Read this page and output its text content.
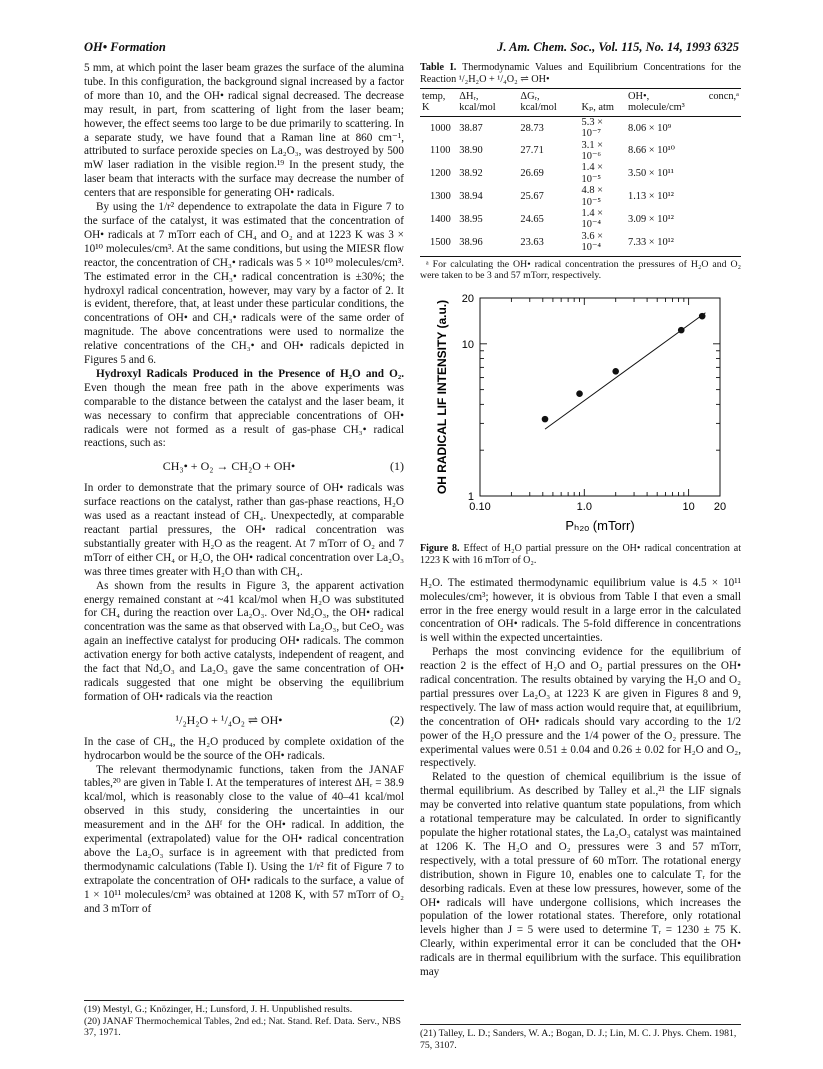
OH• Formation	J. Am. Chem. Soc., Vol. 115, No. 14, 1993 6325

5 mm, at which point the laser beam grazes the surface of the alumina tube. In this configuration, the background signal increased by a factor of more than 10, and the OH• radical signal decreased. The decrease may result, in part, from scattering of light from the laser beam; however, the effect seems too large to be due primarily to scattering. In a separate study, we have found that a Raman line at 860 cm⁻¹, attributed to surface peroxide species on La₂O₃, was destroyed by 500 mW laser radiation in the visible region.¹⁹ In the present study, the laser beam that interacts with the surface may decrease the number of centers that are responsible for generating OH• radicals.

By using the 1/r² dependence to extrapolate the data in Figure 7 to the surface of the catalyst, it was estimated that the concentration of OH• radicals at 7 mTorr each of CH₄ and O₂ and at 1223 K was 3 × 10¹⁰ molecules/cm³. At the same conditions, but using the MIESR flow reactor, the concentration of CH₃• radicals was 5 × 10¹⁰ molecules/cm³. The estimated error in the CH₃• radical concentration is ±30%; the hydroxyl radical concentration, however, may vary by a factor of 2. It is evident, therefore, that, at least under these particular conditions, the concentrations of OH• and CH₃• radicals were of the same order of magnitude. The above concentrations were used to normalize the relative concentrations of the CH₃• and OH• radicals depicted in Figures 5 and 6.

Hydroxyl Radicals Produced in the Presence of H₂O and O₂. Even though the mean free path in the above experiments was comparable to the distance between the catalyst and the laser beam, it was necessary to confirm that appreciable concentrations of OH• radicals were not formed as a result of gas-phase CH₃• radical reactions, such as:

CH₃• + O₂ → CH₂O + OH•	(1)

In order to demonstrate that the primary source of OH• radicals was surface reactions on the catalyst, rather than gas-phase reactions, H₂O was used as a reactant instead of CH₄. Unexpectedly, at comparable reactant partial pressures, the OH• radical concentration was substantially greater with H₂O as the reagent. At 7 mTorr of O₂ and 7 mTorr of either CH₄ or H₂O, the OH• radical concentration over La₂O₃ was three times greater with H₂O than with CH₄.

As shown from the results in Figure 3, the apparent activation energy remained constant at ~41 kcal/mol when H₂O was substituted for CH₄ during the reaction over La₂O₃. Over Nd₂O₃, the OH• radical concentration was the same as that observed with La₂O₃, but CeO₂ was again an ineffective catalyst for producing OH• radicals. The common activation energy for both active catalysts, independent of reagent, and the fact that Nd₂O₃ and La₂O₃ gave the same concentration of OH• radicals suggested that one might be observing the equilibrium formation of OH• radicals via the reaction

¹/₂H₂O + ¹/₄O₂ ⇌ OH•	(2)

In the case of CH₄, the H₂O produced by complete oxidation of the hydrocarbon would be the source of the OH• radicals.

The relevant thermodynamic functions, taken from the JANAF tables,²⁰ are given in Table I. At the temperatures of interest ΔHᵣ = 38.9 kcal/mol, which is reasonably close to the value of 40–41 kcal/mol observed in this study, considering the uncertainties in our measurement and in the ΔHᶠ for the OH• radical. In addition, the experimental (extrapolated) value for the OH• radical concentration above the La₂O₃ surface is in agreement with that predicted from thermodynamic calculations (Table I). Using the 1/r² fit of Figure 7 to extrapolate the concentration of OH• radicals to the surface, a value of 1 × 10¹¹ molecules/cm³ was obtained at 1208 K, with 57 mTorr of O₂ and 3 mTorr of

(19) Mestyl, G.; Knözinger, H.; Lunsford, J. H. Unpublished results.
(20) JANAF Thermochemical Tables, 2nd ed.; Nat. Stand. Ref. Data. Serv., NBS 37, 1971.
Table I. Thermodynamic Values and Equilibrium Concentrations for the Reaction ¹/₂H₂O + ¹/₄O₂ ⇌ OH•
temp, K	ΔHᵣ, kcal/mol	ΔGᵣ, kcal/mol	Kₚ, atm	OH•, concn,ᵃ molecule/cm³
1000	38.87	28.73	5.3 × 10⁻⁷	8.06 × 10⁹
1100	38.90	27.71	3.1 × 10⁻⁶	8.66 × 10¹⁰
1200	38.92	26.69	1.4 × 10⁻⁵	3.50 × 10¹¹
1300	38.94	25.67	4.8 × 10⁻⁵	1.13 × 10¹²
1400	38.95	24.65	1.4 × 10⁻⁴	3.09 × 10¹²
1500	38.96	23.63	3.6 × 10⁻⁴	7.33 × 10¹²
ᵃ For calculating the OH• radical concentration the pressures of H₂O and O₂ were taken to be 3 and 57 mTorr, respectively.
0.10	1.0	10 20
1
10
20
Pₕ₂ₒ (mTorr)
OH RADICAL LIF INTENSITY (a.u.)
Figure 8. Effect of H₂O partial pressure on the OH• radical concentration at 1223 K with 16 mTorr of O₂.

H₂O. The estimated thermodynamic equilibrium value is 4.5 × 10¹¹ molecules/cm³; however, it is obvious from Table I that even a small error in the free energy would result in a large error in the calculated concentration of OH• radicals. The 5-fold difference in concentrations is well within the expected uncertainties.

Perhaps the most convincing evidence for the equilibrium of reaction 2 is the effect of H₂O and O₂ partial pressures on the OH• radical concentration. The results obtained by varying the H₂O and O₂ partial pressures over La₂O₃ at 1223 K are given in Figures 8 and 9, respectively. The law of mass action would require that, at equilibrium, the concentration of OH• radicals should vary according to the 1/2 power of the H₂O pressure and the 1/4 power of the O₂ pressure. The experimental values were 0.51 ± 0.04 and 0.26 ± 0.02 for H₂O and O₂, respectively.

Related to the question of chemical equilibrium is the issue of thermal equilibrium. As described by Talley et al.,²¹ the LIF signals may be converted into relative quantum state populations, from which a rotational temperature may be calculated. In order to significantly populate the higher rotational states, the La₂O₃ catalyst was maintained at 1206 K. The H₂O and O₂ pressures were 3 and 57 mTorr, respectively, with a total pressure of 60 mTorr. The rotational energy distribution, shown in Figure 10, enables one to calculate Tᵣ for the desorbing radicals. Even at these low pressures, however, some of the OH• radicals will have undergone collisions, which increases the population of the lower rotational states. Therefore, only rotational levels higher than J = 5 were used to determine Tᵣ = 1230 ± 75 K. Clearly, within experimental error it can be concluded that the OH• radicals are in thermal equilibrium with the surface. This equilibration may

(21) Talley, L. D.; Sanders, W. A.; Bogan, D. J.; Lin, M. C. J. Phys. Chem. 1981, 75, 3107.
